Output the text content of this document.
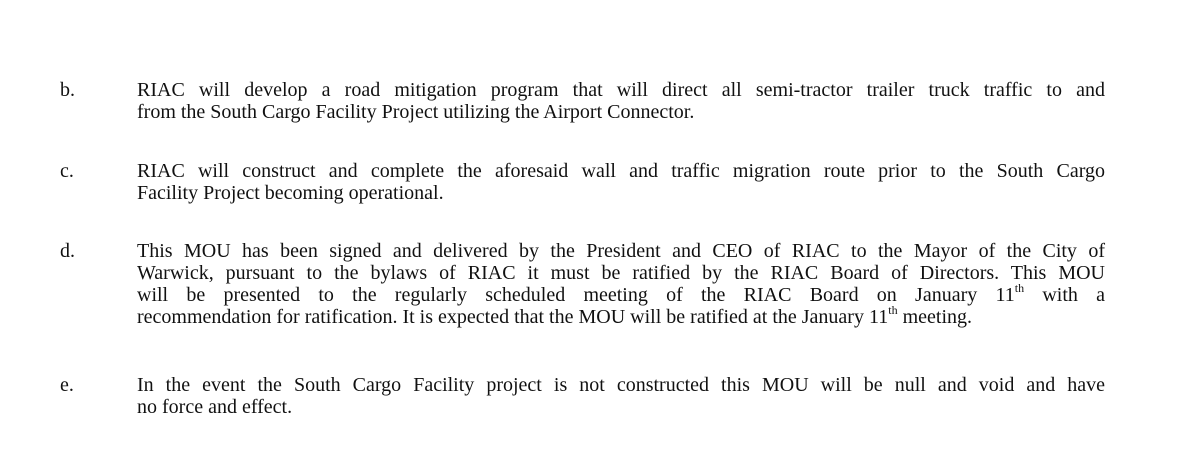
b.	RIAC will develop a road mitigation program that will direct all semi-tractor trailer truck traffic to and
from the South Cargo Facility Project utilizing the Airport Connector.
c.	RIAC will construct and complete the aforesaid wall and traffic migration route prior to the South Cargo
Facility Project becoming operational.
d.	This MOU has been signed and delivered by the President and CEO of RIAC to the Mayor of the City of
Warwick, pursuant to the bylaws of RIAC it must be ratified by the RIAC Board of Directors. This MOU
will be presented to the regularly scheduled meeting of the RIAC Board on January 11th with a
recommendation for ratification. It is expected that the MOU will be ratified at the January 11th meeting.
e.	In the event the South Cargo Facility project is not constructed this MOU will be null and void and have
no force and effect.
